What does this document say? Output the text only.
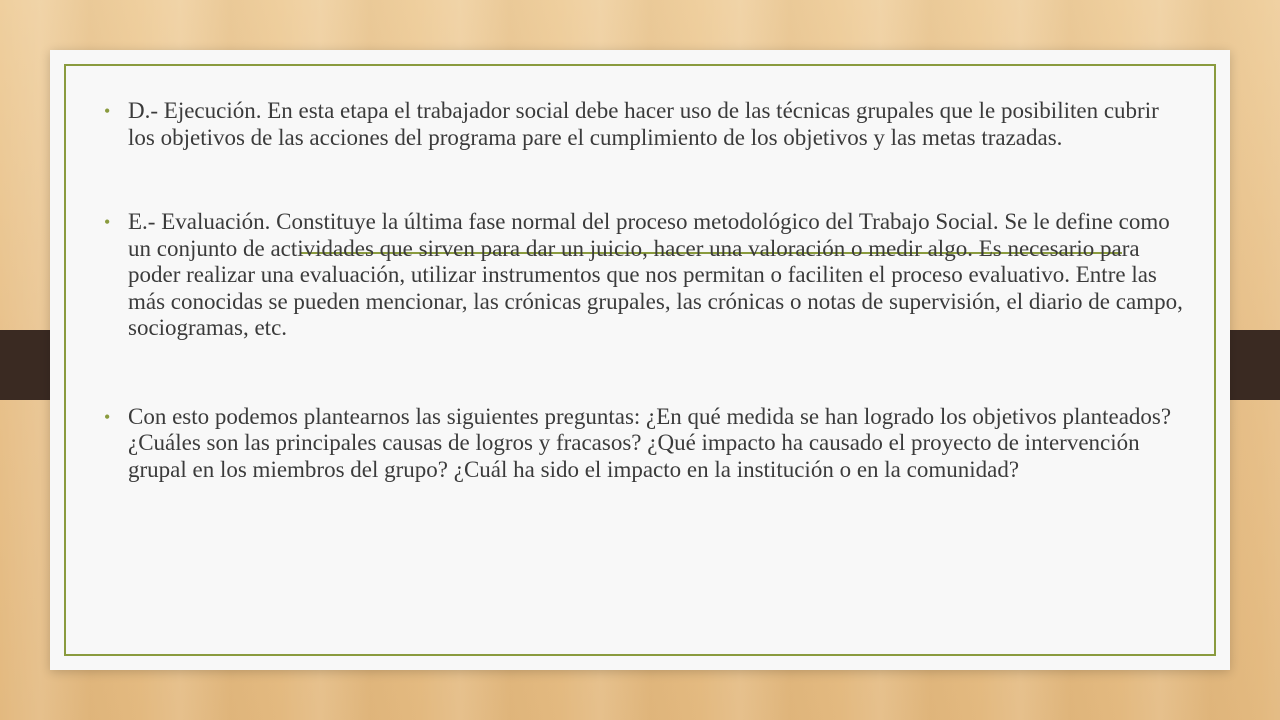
• D.- Ejecución. En esta etapa el trabajador social debe hacer uso de las técnicas grupales que le posibiliten cubrir los objetivos de las acciones del programa pare el cumplimiento de los objetivos y las metas trazadas.
• E.- Evaluación. Constituye la última fase normal del proceso metodológico del Trabajo Social. Se le define como un conjunto de actividades que sirven para dar un juicio, hacer una valoración o medir algo. Es necesario para poder realizar una evaluación, utilizar instrumentos que nos permitan o faciliten el proceso evaluativo. Entre las más conocidas se pueden mencionar, las crónicas grupales, las crónicas o notas de supervisión, el diario de campo, sociogramas, etc.
• Con esto podemos plantearnos las siguientes preguntas: ¿En qué medida se han logrado los objetivos planteados? ¿Cuáles son las principales causas de logros y fracasos? ¿Qué impacto ha causado el proyecto de intervención grupal en los miembros del grupo? ¿Cuál ha sido el impacto en la institución o en la comunidad?
